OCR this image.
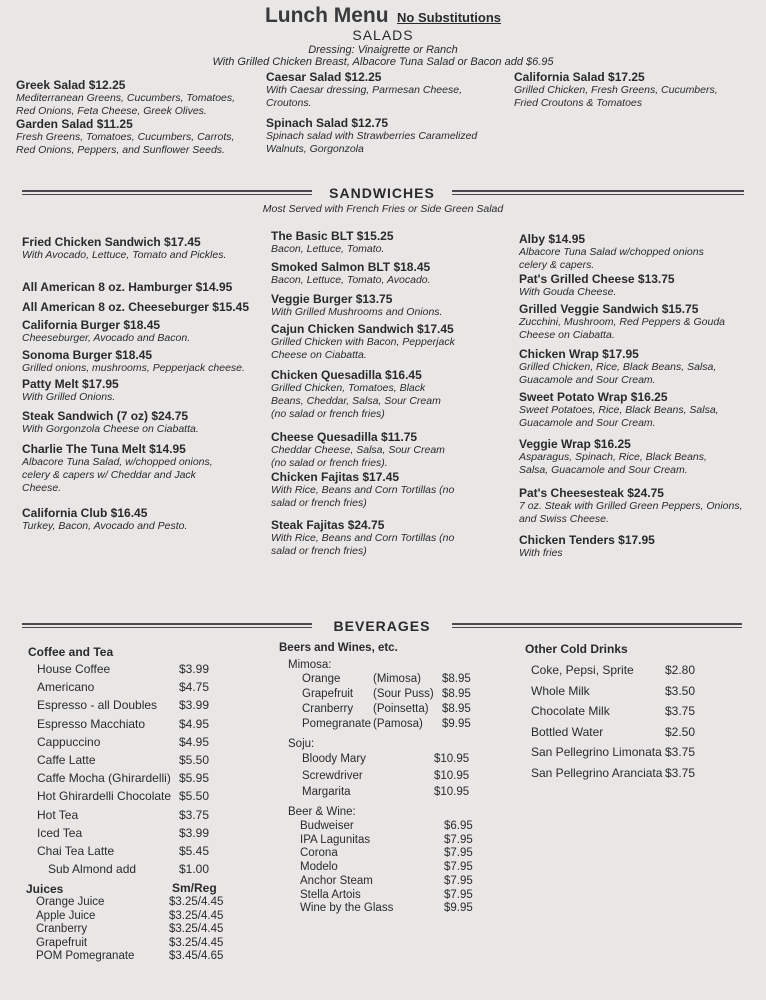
Lunch Menu No Substitutions
SALADS
Dressing: Vinaigrette or Ranch
With Grilled Chicken Breast, Albacore Tuna Salad or Bacon add $6.95
Greek Salad $12.25
Mediterranean Greens, Cucumbers, Tomatoes, Red Onions, Feta Cheese, Greek Olives.
Garden Salad $11.25
Fresh Greens, Tomatoes, Cucumbers, Carrots, Red Onions, Peppers, and Sunflower Seeds.
Caesar Salad $12.25
With Caesar dressing, Parmesan Cheese, Croutons.
Spinach Salad $12.75
Spinach salad with Strawberries Caramelized Walnuts, Gorgonzola
California Salad $17.25
Grilled Chicken, Fresh Greens, Cucumbers, Fried Croutons & Tomatoes
SANDWICHES
Most Served with French Fries or Side Green Salad
Fried Chicken Sandwich $17.45
With Avocado, Lettuce, Tomato and Pickles.
All American 8 oz. Hamburger $14.95
All American 8 oz. Cheeseburger $15.45
California Burger $18.45
Cheeseburger, Avocado and Bacon.
Sonoma Burger $18.45
Grilled onions, mushrooms, Pepperjack cheese.
Patty Melt $17.95
With Grilled Onions.
Steak Sandwich (7 oz) $24.75
With Gorgonzola Cheese on Ciabatta.
Charlie The Tuna Melt $14.95
Albacore Tuna Salad, w/chopped onions, celery & capers w/ Cheddar and Jack Cheese.
California Club $16.45
Turkey, Bacon, Avocado and Pesto.
The Basic BLT $15.25
Bacon, Lettuce, Tomato.
Smoked Salmon BLT $18.45
Bacon, Lettuce, Tomato, Avocado.
Veggie Burger $13.75
With Grilled Mushrooms and Onions.
Cajun Chicken Sandwich $17.45
Grilled Chicken with Bacon, Pepperjack Cheese on Ciabatta.
Chicken Quesadilla $16.45
Grilled Chicken, Tomatoes, Black Beans, Cheddar, Salsa, Sour Cream (no salad or french fries)
Cheese Quesadilla $11.75
Cheddar Cheese, Salsa, Sour Cream (no salad or french fries).
Chicken Fajitas $17.45
With Rice, Beans and Corn Tortillas (no salad or french fries)
Steak Fajitas $24.75
With Rice, Beans and Corn Tortillas (no salad or french fries)
Alby $14.95
Albacore Tuna Salad w/chopped onions celery & capers.
Pat's Grilled Cheese $13.75
With Gouda Cheese.
Grilled Veggie Sandwich $15.75
Zucchini, Mushroom, Red Peppers & Gouda Cheese on Ciabatta.
Chicken Wrap $17.95
Grilled Chicken, Rice, Black Beans, Salsa, Guacamole and Sour Cream.
Sweet Potato Wrap $16.25
Sweet Potatoes, Rice, Black Beans, Salsa, Guacamole and Sour Cream.
Veggie Wrap $16.25
Asparagus, Spinach, Rice, Black Beans, Salsa, Guacamole and Sour Cream.
Pat's Cheesesteak $24.75
7 oz. Steak with Grilled Green Peppers, Onions, and Swiss Cheese.
Chicken Tenders $17.95
With fries
BEVERAGES
Coffee and Tea
House Coffee	$3.99
Americano	$4.75
Espresso - all Doubles $3.99
Espresso Macchiato	$4.95
Cappuccino	$4.95
Caffe Latte	$5.50
Caffe Mocha (Ghirardelli) $5.95
Hot Ghirardelli Chocolate $5.50
Hot Tea	$3.75
Iced Tea	$3.99
Chai Tea Latte	$5.45
Sub Almond add	$1.00
Juices	Sm/Reg
Orange Juice	$3.25/4.45
Apple Juice	$3.25/4.45
Cranberry	$3.25/4.45
Grapefruit	$3.25/4.45
POM Pomegranate	$3.45/4.65
Beers and Wines, etc.
Mimosa:
Orange	(Mimosa) $8.95
Grapefruit (Sour Puss) $8.95
Cranberry (Poinsetta) $8.95
Pomegranate (Pamosa) $9.95
Soju:
Bloody Mary	$10.95
Screwdriver	$10.95
Margarita	$10.95
Beer & Wine:
Budweiser	$6.95
IPA Lagunitas	$7.95
Corona	$7.95
Modelo	$7.95
Anchor Steam	$7.95
Stella Artois	$7.95
Wine by the Glass	$9.95
Other Cold Drinks
Coke, Pepsi, Sprite	$2.80
Whole Milk	$3.50
Chocolate Milk	$3.75
Bottled Water	$2.50
San Pellegrino Limonata $3.75
San Pellegrino Aranciata $3.75
